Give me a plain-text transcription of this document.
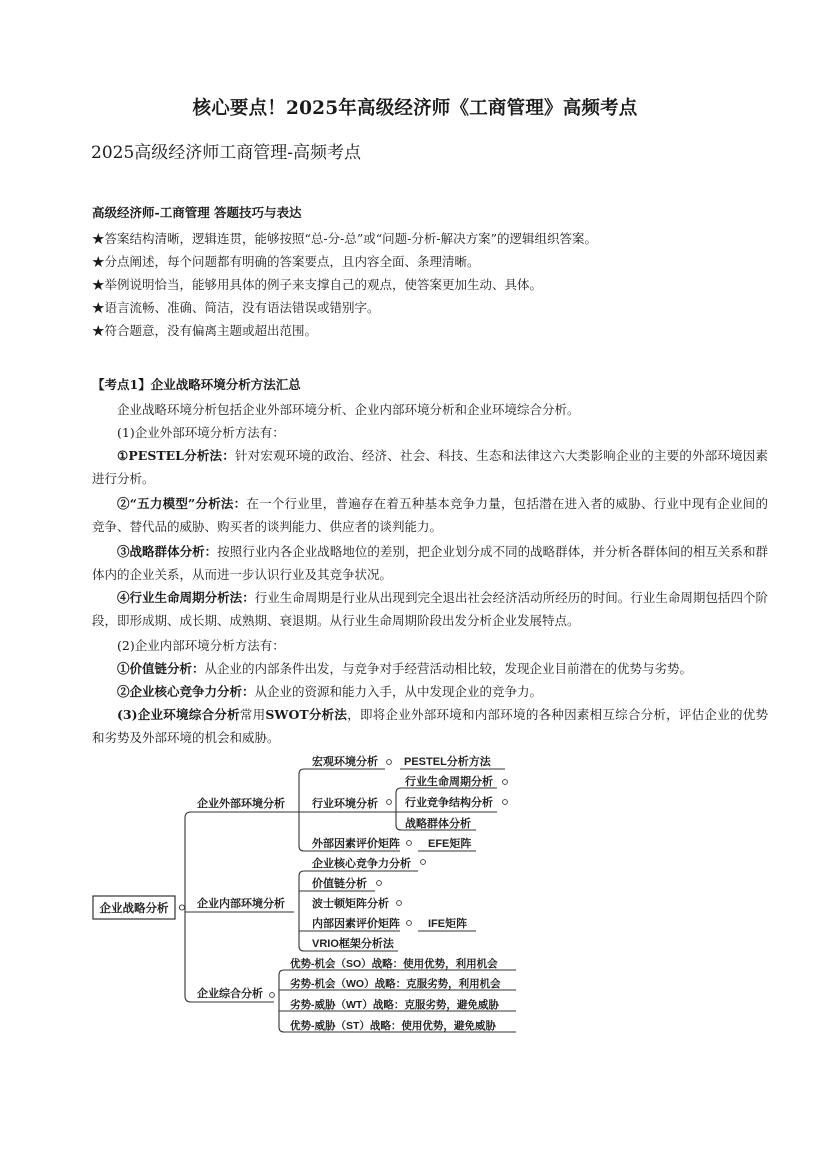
核心要点！2025年高级经济师《工商管理》高频考点
2025高级经济师工商管理-高频考点
高级经济师-工商管理 答题技巧与表达
★答案结构清晰，逻辑连贯，能够按照“总-分-总”或“问题-分析-解决方案”的逻辑组织答案。
★分点阐述，每个问题都有明确的答案要点，且内容全面、条理清晰。
★举例说明恰当，能够用具体的例子来支撑自己的观点，使答案更加生动、具体。
★语言流畅、准确、简洁，没有语法错误或错别字。
★符合题意，没有偏离主题或超出范围。
【考点1】企业战略环境分析方法汇总
企业战略环境分析包括企业外部环境分析、企业内部环境分析和企业环境综合分析。
(1)企业外部环境分析方法有：
①PESTEL分析法：针对宏观环境的政治、经济、社会、科技、生态和法律这六大类影响企业的主要的外部环境因素进行分析。
②“五力模型”分析法：在一个行业里，普遍存在着五种基本竞争力量，包括潜在进入者的威胁、行业中现有企业间的竞争、替代品的威胁、购买者的谈判能力、供应者的谈判能力。
③战略群体分析：按照行业内各企业战略地位的差别，把企业划分成不同的战略群体，并分析各群体间的相互关系和群体内的企业关系，从而进一步认识行业及其竞争状况。
④行业生命周期分析法：行业生命周期是行业从出现到完全退出社会经济活动所经历的时间。行业生命周期包括四个阶段，即形成期、成长期、成熟期、衰退期。从行业生命周期阶段出发分析企业发展特点。
(2)企业内部环境分析方法有：
①价值链分析：从企业的内部条件出发，与竞争对手经营活动相比较，发现企业目前潜在的优势与劣势。
②企业核心竞争力分析：从企业的资源和能力入手，从中发现企业的竞争力。
(3)企业环境综合分析常用SWOT分析法，即将企业外部环境和内部环境的各种因素相互综合分析，评估企业的优势和劣势及外部环境的机会和威胁。
企业战略分析
企业外部环境分析
宏观环境分析 PESTEL分析方法
行业环境分析
行业生命周期分析
行业竞争结构分析
战略群体分析
外部因素评价矩阵	EFE矩阵
企业内部环境分析
企业核心竞争力分析
价值链分析
波士顿矩阵分析
内部因素评价矩阵	IFE矩阵
VRIO框架分析法
企业综合分析
优势-机会（SO）战略：使用优势，利用机会
劣势-机会（WO）战略：克服劣势，利用机会
劣势-威胁（WT）战略：克服劣势，避免威胁
优势-威胁（ST）战略：使用优势，避免威胁
